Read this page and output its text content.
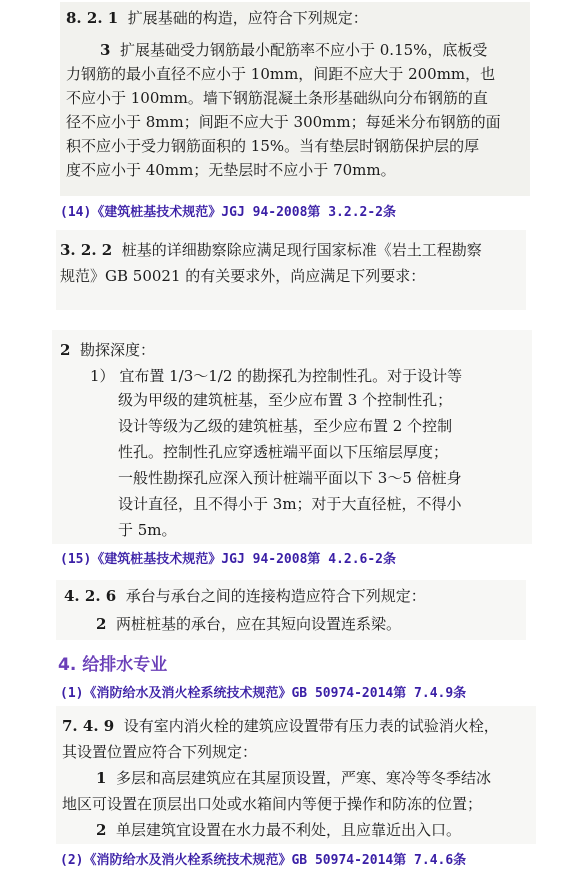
8. 2. 1 扩展基础的构造，应符合下列规定：
3 扩展基础受力钢筋最小配筋率不应小于 0.15%，底板受
力钢筋的最小直径不应小于 10mm，间距不应大于 200mm，也
不应小于 100mm。墙下钢筋混凝土条形基础纵向分布钢筋的直
径不应小于 8mm；间距不应大于 300mm；每延米分布钢筋的面
积不应小于受力钢筋面积的 15%。当有垫层时钢筋保护层的厚
度不应小于 40mm；无垫层时不应小于 70mm。
(14)《建筑桩基技术规范》JGJ 94-2008第 3.2.2-2条
3. 2. 2 桩基的详细勘察除应满足现行国家标准《岩土工程勘察
规范》GB 50021 的有关要求外，尚应满足下列要求：
2 勘探深度：
1） 宜布置 1/3～1/2 的勘探孔为控制性孔。对于设计等
级为甲级的建筑桩基，至少应布置 3 个控制性孔；
设计等级为乙级的建筑桩基，至少应布置 2 个控制
性孔。控制性孔应穿透桩端平面以下压缩层厚度；
一般性勘探孔应深入预计桩端平面以下 3～5 倍桩身
设计直径，且不得小于 3m；对于大直径桩，不得小
于 5m。
(15)《建筑桩基技术规范》JGJ 94-2008第 4.2.6-2条
4. 2. 6 承台与承台之间的连接构造应符合下列规定：
2 两桩桩基的承台，应在其短向设置连系梁。
4. 给排水专业
(1)《消防给水及消火栓系统技术规范》GB 50974-2014第 7.4.9条
7. 4. 9 设有室内消火栓的建筑应设置带有压力表的试验消火栓，
其设置位置应符合下列规定：
1 多层和高层建筑应在其屋顶设置，严寒、寒冷等冬季结冰
地区可设置在顶层出口处或水箱间内等便于操作和防冻的位置；
2 单层建筑宜设置在水力最不利处，且应靠近出入口。
(2)《消防给水及消火栓系统技术规范》GB 50974-2014第 7.4.6条
